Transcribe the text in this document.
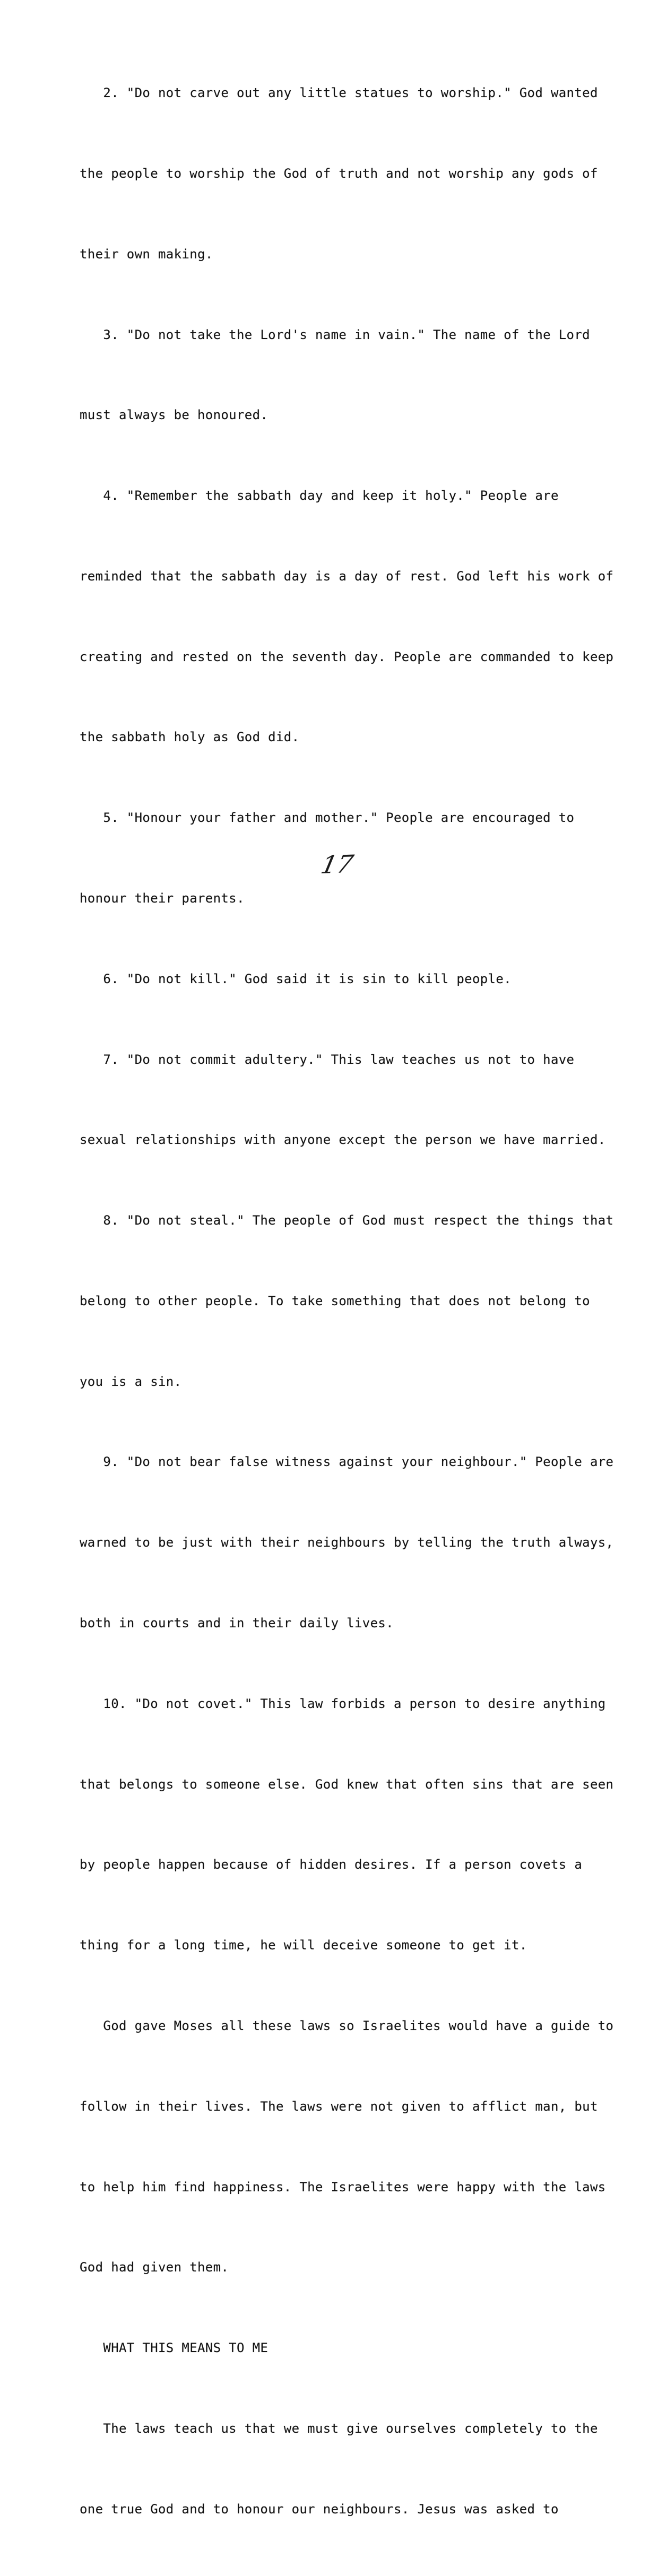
2. "Do not carve out any little statues to worship." God wanted

the people to worship the God of truth and not worship any gods of

their own making.

3. "Do not take the Lord's name in vain." The name of the Lord

must always be honoured.

4. "Remember the sabbath day and keep it holy." People are

reminded that the sabbath day is a day of rest. God left his work of

creating and rested on the seventh day. People are commanded to keep

the sabbath holy as God did.

5. "Honour your father and mother." People are encouraged to

honour their parents.

6. "Do not kill." God said it is sin to kill people.

7. "Do not commit adultery." This law teaches us not to have

sexual relationships with anyone except the person we have married.

8. "Do not steal." The people of God must respect the things that

belong to other people. To take something that does not belong to

you is a sin.

9. "Do not bear false witness against your neighbour." People are

warned to be just with their neighbours by telling the truth always,

both in courts and in their daily lives.

10. "Do not covet." This law forbids a person to desire anything

that belongs to someone else. God knew that often sins that are seen

by people happen because of hidden desires. If a person covets a

thing for a long time, he will deceive someone to get it.

God gave Moses all these laws so Israelites would have a guide to

follow in their lives. The laws were not given to afflict man, but

to help him find happiness. The Israelites were happy with the laws

God had given them.

WHAT THIS MEANS TO ME

The laws teach us that we must give ourselves completely to the

one true God and to honour our neighbours. Jesus was asked to

17
